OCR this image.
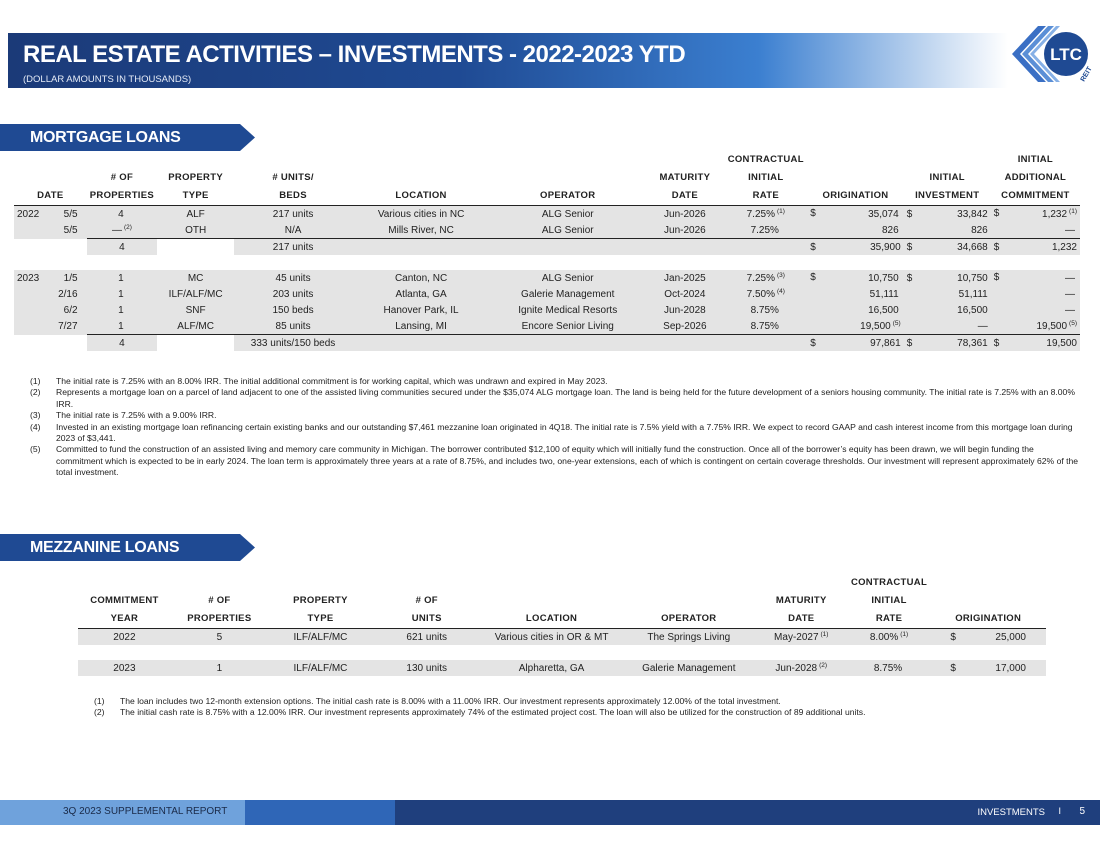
REAL ESTATE ACTIVITIES – INVESTMENTS - 2022-2023 YTD
(DOLLAR AMOUNTS IN THOUSANDS)
LTC
REIT
MORTGAGE LOANS
							CONTRACTUAL			INITIAL
	# OF	PROPERTY	# UNITS/			MATURITY	INITIAL		INITIAL	ADDITIONAL
DATE	PROPERTIES	TYPE	BEDS	LOCATION	OPERATOR	DATE	RATE	ORIGINATION	INVESTMENT	COMMITMENT

2022 5/5	4	ALF	217 units	Various cities in NC	ALG Senior	Jun-2026	7.25% $^{(1)}$	$ 35,074	$ 33,842	$ 1,232 $^{(1)}$

5/5	— $^{(2)}$	OTH	N/A	Mills River, NC	ALG Senior	Jun-2026	7.25%	826	826	—

	4		217 units					$ 35,900	$ 34,668	$ 1,232

2023 1/5	1	MC	45 units	Canton, NC	ALG Senior	Jan-2025	7.25% $^{(3)}$	$ 10,750	$ 10,750	$ —

2/16	1	ILF/ALF/MC	203 units	Atlanta, GA	Galerie Management	Oct-2024	7.50% $^{(4)}$	51,111	51,111	—

6/2	1	SNF	150 beds	Hanover Park, IL	Ignite Medical Resorts	Jun-2028	8.75%	16,500	16,500	—

7/27	1	ALF/MC	85 units	Lansing, MI	Encore Senior Living	Sep-2026	8.75%	19,500 $^{(5)}$	—	19,500 $^{(5)}$

	4		333 units/150 beds					$ 97,861	$ 78,361	$ 19,500
(1)	The initial rate is 7.25% with an 8.00% IRR. The initial additional commitment is for working capital, which was undrawn and expired in May 2023.
(2)	Represents a mortgage loan on a parcel of land adjacent to one of the assisted living communities secured under the $35,074 ALG mortgage loan. The land is being held for the future development of a seniors housing community. The initial rate is 7.25% with an 8.00% IRR.
(3)	The initial rate is 7.25% with a 9.00% IRR.
(4)	Invested in an existing mortgage loan refinancing certain existing banks and our outstanding $7,461 mezzanine loan originated in 4Q18. The initial rate is 7.5% yield with a 7.75% IRR. We expect to record GAAP and cash interest income from this mortgage loan during 2023 of $3,441.
(5)	Committed to fund the construction of an assisted living and memory care community in Michigan. The borrower contributed $12,100 of equity which will initially fund the construction. Once all of the borrower’s equity has been drawn, we will begin funding the commitment which is expected to be in early 2024. The loan term is approximately three years at a rate of 8.75%, and includes two, one-year extensions, each of which is contingent on certain coverage thresholds. Our investment will represent approximately 62% of the total investment.
MEZZANINE LOANS
							CONTRACTUAL	
COMMITMENT	# OF	PROPERTY	# OF			MATURITY	INITIAL	
YEAR	PROPERTIES	TYPE	UNITS	LOCATION	OPERATOR	DATE	RATE	ORIGINATION
2022	5	ILF/ALF/MC	621 units	Various cities in OR & MT	The Springs Living	May-2027 $^{(1)}$	8.00% $^{(1)}$	$ 25,000

2023	1	ILF/ALF/MC	130 units	Alpharetta, GA	Galerie Management	Jun-2028 $^{(2)}$	8.75%	$ 17,000
(1)	The loan includes two 12-month extension options. The initial cash rate is 8.00% with a 11.00% IRR. Our investment represents approximately 12.00% of the total investment.
(2)	The initial cash rate is 8.75% with a 12.00% IRR. Our investment represents approximately 74% of the estimated project cost. The loan will also be utilized for the construction of 89 additional units.
3Q 2023 SUPPLEMENTAL REPORT	INVESTMENTS I 5
